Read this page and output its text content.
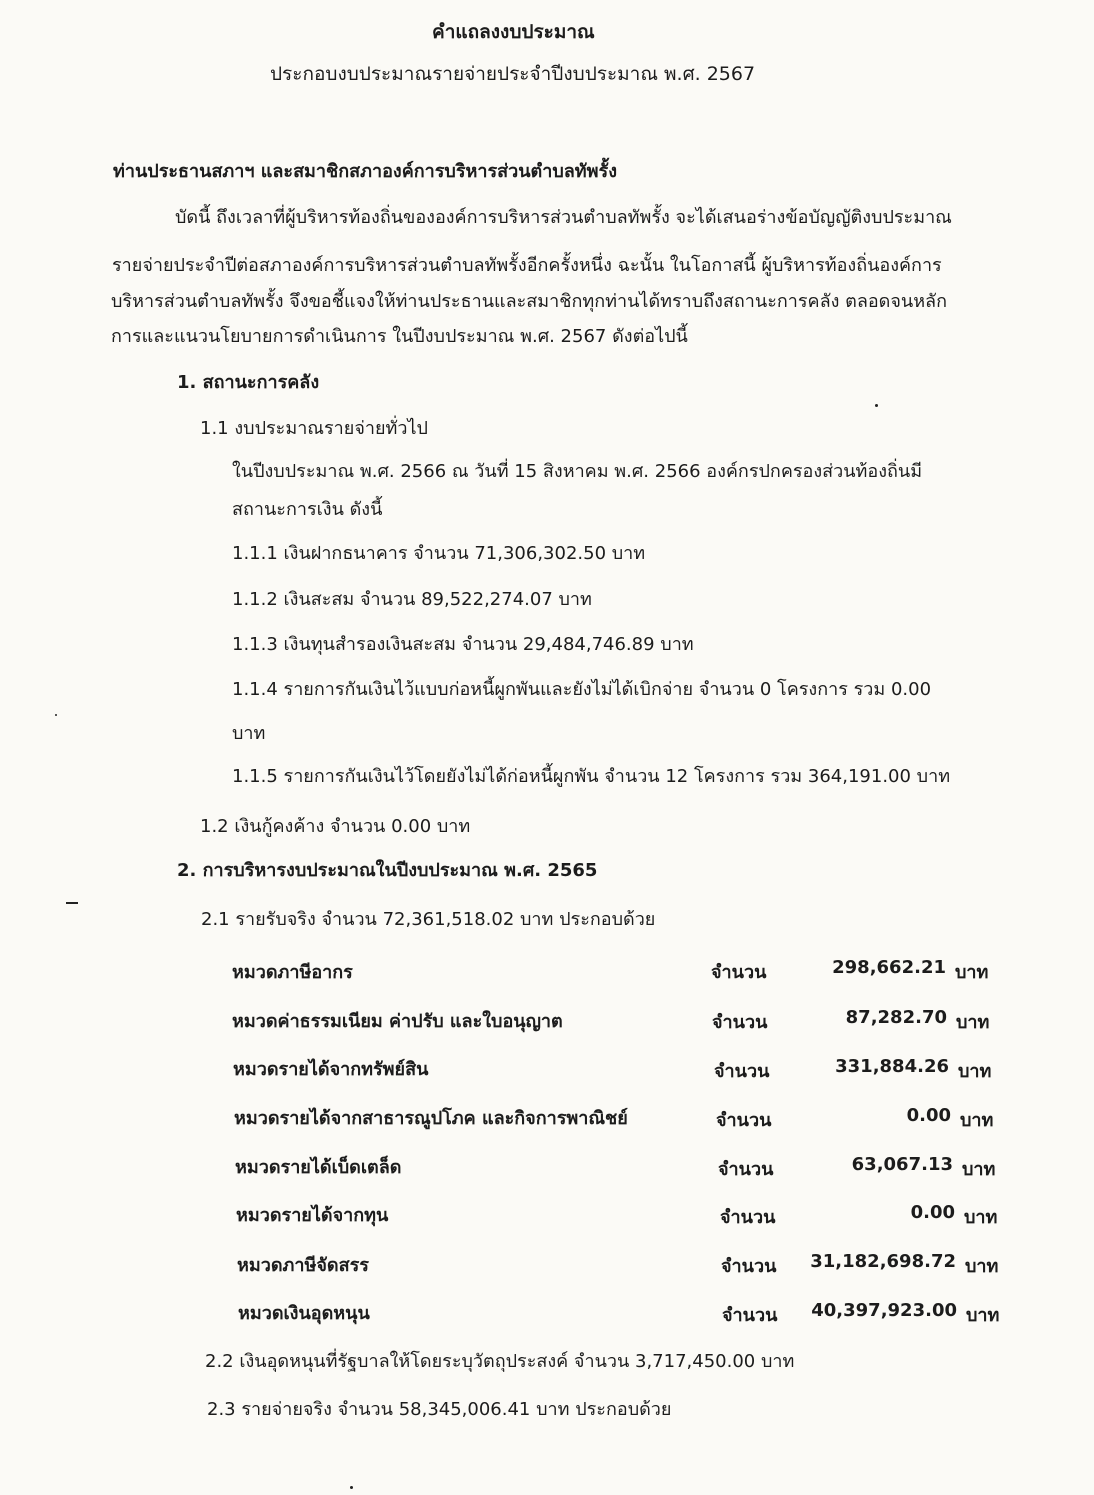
คำแถลงงบประมาณ
ประกอบงบประมาณรายจ่ายประจำปีงบประมาณ พ.ศ. 2567
ท่านประธานสภาฯ และสมาชิกสภาองค์การบริหารส่วนตำบลทัพรั้ง
บัดนี้ ถึงเวลาที่ผู้บริหารท้องถิ่นขององค์การบริหารส่วนตำบลทัพรั้ง จะได้เสนอร่างข้อบัญญัติงบประมาณ
รายจ่ายประจำปีต่อสภาองค์การบริหารส่วนตำบลทัพรั้งอีกครั้งหนึ่ง ฉะนั้น ในโอกาสนี้ ผู้บริหารท้องถิ่นองค์การ
บริหารส่วนตำบลทัพรั้ง จึงขอชี้แจงให้ท่านประธานและสมาชิกทุกท่านได้ทราบถึงสถานะการคลัง ตลอดจนหลัก
การและแนวนโยบายการดำเนินการ ในปีงบประมาณ พ.ศ. 2567 ดังต่อไปนี้
1. สถานะการคลัง
1.1 งบประมาณรายจ่ายทั่วไป
ในปีงบประมาณ พ.ศ. 2566 ณ วันที่ 15 สิงหาคม พ.ศ. 2566 องค์กรปกครองส่วนท้องถิ่นมี
สถานะการเงิน ดังนี้
1.1.1 เงินฝากธนาคาร จำนวน 71,306,302.50 บาท
1.1.2 เงินสะสม จำนวน 89,522,274.07 บาท
1.1.3 เงินทุนสำรองเงินสะสม จำนวน 29,484,746.89 บาท
1.1.4 รายการกันเงินไว้แบบก่อหนี้ผูกพันและยังไม่ได้เบิกจ่าย จำนวน 0 โครงการ รวม 0.00
บาท
1.1.5 รายการกันเงินไว้โดยยังไม่ได้ก่อหนี้ผูกพัน จำนวน 12 โครงการ รวม 364,191.00 บาท
1.2 เงินกู้คงค้าง จำนวน 0.00 บาท
2. การบริหารงบประมาณในปีงบประมาณ พ.ศ. 2565
2.1 รายรับจริง จำนวน 72,361,518.02 บาท ประกอบด้วย
หมวดภาษีอากร	จำนวน	298,662.21 บาท
หมวดค่าธรรมเนียม ค่าปรับ และใบอนุญาต	จำนวน	87,282.70 บาท
หมวดรายได้จากทรัพย์สิน	จำนวน	331,884.26 บาท
หมวดรายได้จากสาธารณูปโภค และกิจการพาณิชย์	จำนวน	0.00 บาท
หมวดรายได้เบ็ดเตล็ด	จำนวน	63,067.13 บาท
หมวดรายได้จากทุน	จำนวน	0.00 บาท
หมวดภาษีจัดสรร	จำนวน	31,182,698.72 บาท
หมวดเงินอุดหนุน	จำนวน	40,397,923.00 บาท
2.2 เงินอุดหนุนที่รัฐบาลให้โดยระบุวัตถุประสงค์ จำนวน 3,717,450.00 บาท
2.3 รายจ่ายจริง จำนวน 58,345,006.41 บาท ประกอบด้วย
